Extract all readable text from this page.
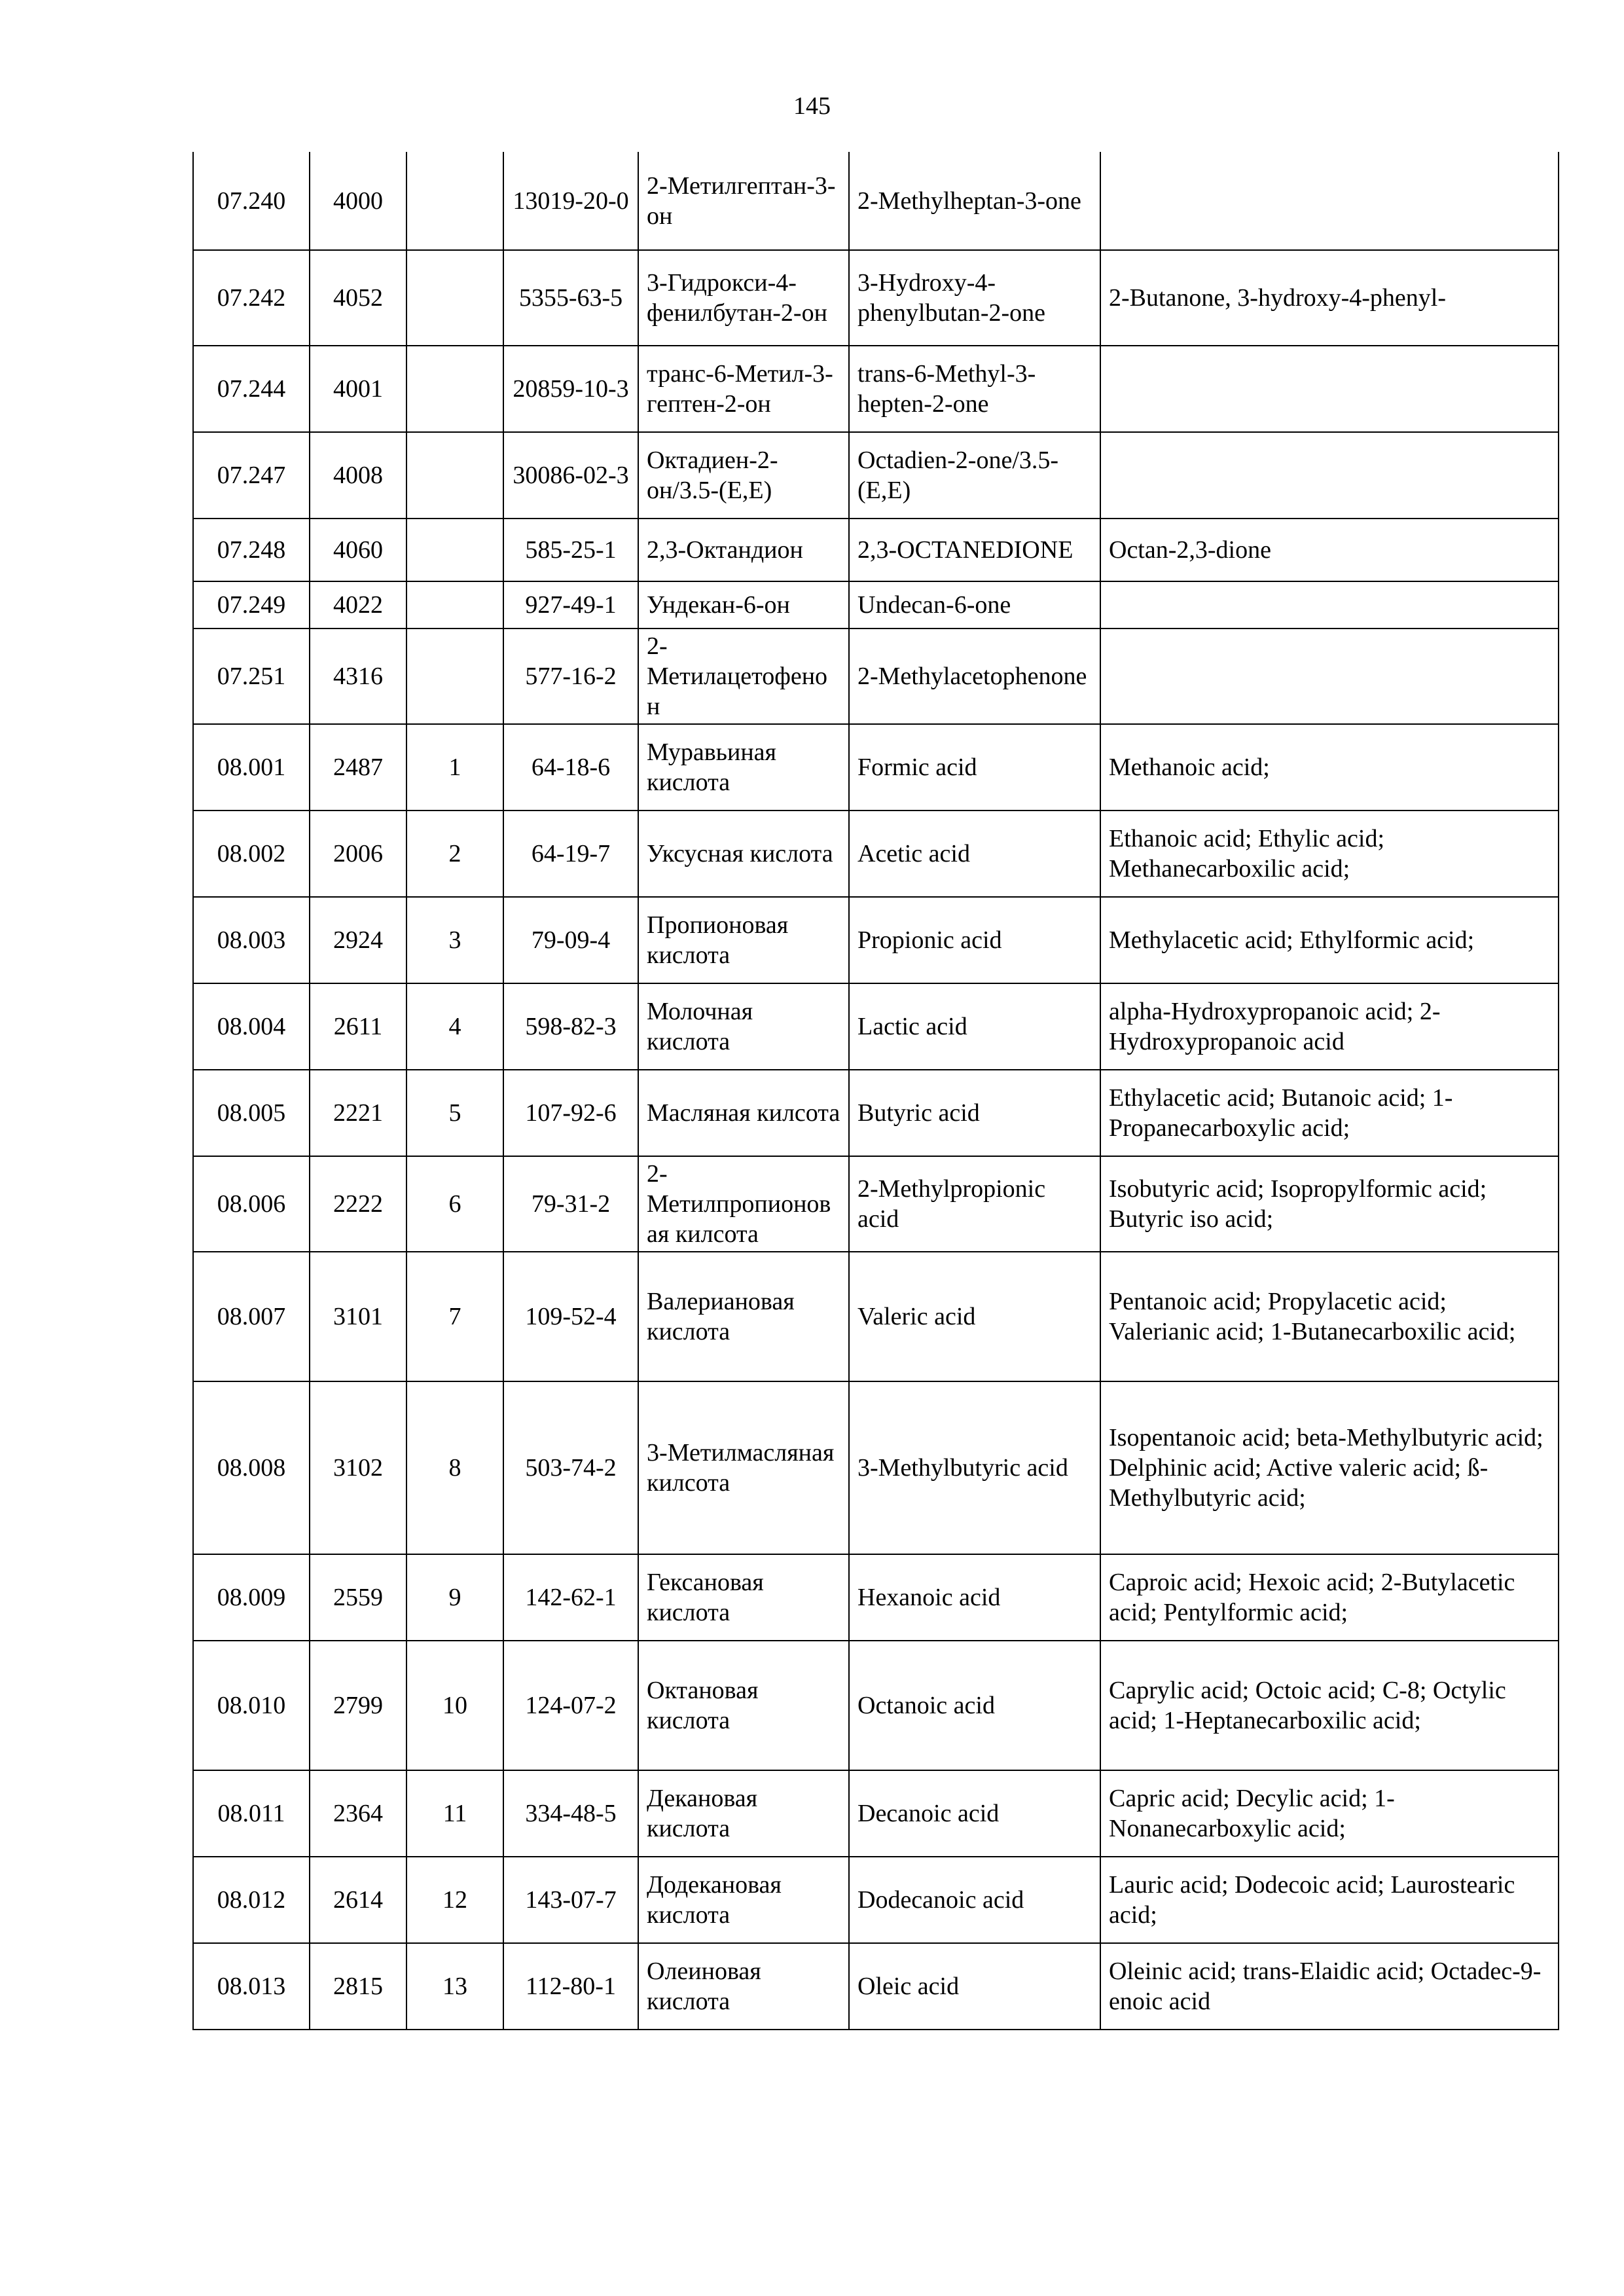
145
07.240	4000		13019-20-0	2-Метилгептан-3-он	2-Methylheptan-3-one	
07.242	4052		5355-63-5	3-Гидрокси-4-фенилбутан-2-он	3-Hydroxy-4-phenylbutan-2-one	2-Butanone, 3-hydroxy-4-phenyl-
07.244	4001		20859-10-3	транс-6-Метил-3-гептен-2-он	trans-6-Methyl-3-hepten-2-one	
07.247	4008		30086-02-3	Октадиен-2-он/3.5-(E,E)	Octadien-2-one/3.5-(E,E)	
07.248	4060		585-25-1	2,3-Октандион	2,3-OCTANEDIONE	Octan-2,3-dione
07.249	4022		927-49-1	Ундекан-6-он	Undecan-6-one	
07.251	4316		577-16-2	2-Метилацетофенон	2-Methylacetophenone	
08.001	2487	1	64-18-6	Муравьиная кислота	Formic acid	Methanoic acid;
08.002	2006	2	64-19-7	Уксусная кислота	Acetic acid	Ethanoic acid; Ethylic acid; Methanecarboxilic acid;
08.003	2924	3	79-09-4	Пропионовая кислота	Propionic acid	Methylacetic acid; Ethylformic acid;
08.004	2611	4	598-82-3	Молочная кислота	Lactic acid	alpha-Hydroxypropanoic acid; 2-Hydroxypropanoic acid
08.005	2221	5	107-92-6	Масляная килсота	Butyric acid	Ethylacetic acid; Butanoic acid; 1-Propanecarboxylic acid;
08.006	2222	6	79-31-2	2-Метилпропионовая килсота	2-Methylpropionic acid	Isobutyric acid; Isopropylformic acid; Butyric iso acid;
08.007	3101	7	109-52-4	Валериановая кислота	Valeric acid	Pentanoic acid; Propylacetic acid; Valerianic acid; 1-Butanecarboxilic acid;
08.008	3102	8	503-74-2	3-Метилмасляная килсота	3-Methylbutyric acid	Isopentanoic acid; beta-Methylbutyric acid; Delphinic acid; Active valeric acid; ß-Methylbutyric acid;
08.009	2559	9	142-62-1	Гексановая кислота	Hexanoic acid	Caproic acid; Hexoic acid; 2-Butylacetic acid; Pentylformic acid;
08.010	2799	10	124-07-2	Октановая кислота	Octanoic acid	Caprylic acid; Octoic acid; C-8; Octylic acid; 1-Heptanecarboxilic acid;
08.011	2364	11	334-48-5	Декановая кислота	Decanoic acid	Capric acid; Decylic acid; 1-Nonanecarboxylic acid;
08.012	2614	12	143-07-7	Додекановая кислота	Dodecanoic acid	Lauric acid; Dodecoic acid; Laurostearic acid;
08.013	2815	13	112-80-1	Олеиновая кислота	Oleic acid	Oleinic acid; trans-Elaidic acid; Octadec-9-enoic acid
